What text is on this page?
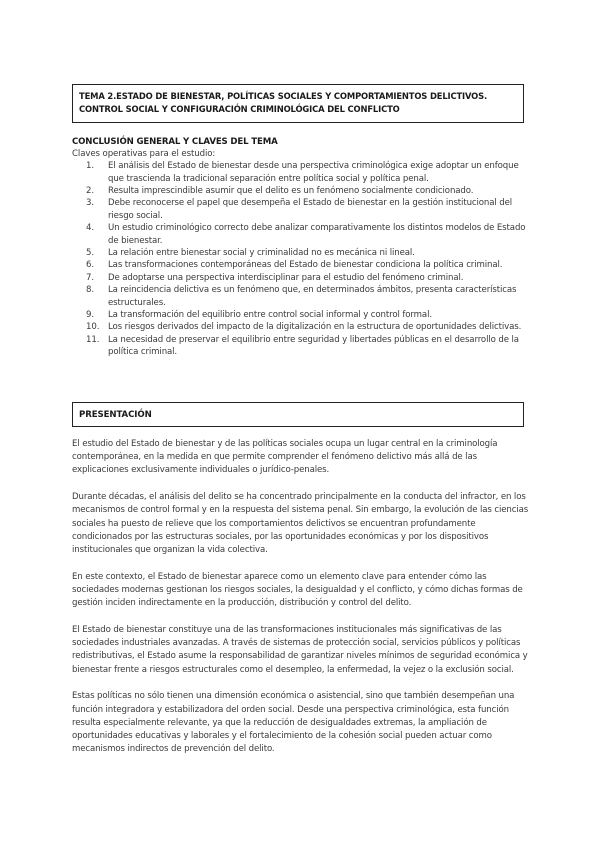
TEMA 2.ESTADO DE BIENESTAR, POLÍTICAS SOCIALES Y COMPORTAMIENTOS DELICTIVOS.
CONTROL SOCIAL Y CONFIGURACIÓN CRIMINOLÓGICA DEL CONFLICTO
CONCLUSIÓN GENERAL Y CLAVES DEL TEMA
Claves operativas para el estudio:
1.	El análisis del Estado de bienestar desde una perspectiva criminológica exige adoptar un enfoque que trascienda la tradicional separación entre política social y política penal.
2.	Resulta imprescindible asumir que el delito es un fenómeno socialmente condicionado.
3.	Debe reconocerse el papel que desempeña el Estado de bienestar en la gestión institucional del riesgo social.
4.	Un estudio criminológico correcto debe analizar comparativamente los distintos modelos de Estado de bienestar.
5.	La relación entre bienestar social y criminalidad no es mecánica ni lineal.
6.	Las transformaciones contemporáneas del Estado de bienestar condiciona la política criminal.
7.	De adoptarse una perspectiva interdisciplinar para el estudio del fenómeno criminal.
8.	La reincidencia delictiva es un fenómeno que, en determinados ámbitos, presenta características estructurales.
9.	La transformación del equilibrio entre control social informal y control formal.
10.	Los riesgos derivados del impacto de la digitalización en la estructura de oportunidades delictivas.
11.	La necesidad de preservar el equilibrio entre seguridad y libertades públicas en el desarrollo de la política criminal.
PRESENTACIÓN

El estudio del Estado de bienestar y de las políticas sociales ocupa un lugar central en la criminología contemporánea, en la medida en que permite comprender el fenómeno delictivo más allá de las explicaciones exclusivamente individuales o jurídico-penales.

Durante décadas, el análisis del delito se ha concentrado principalmente en la conducta del infractor, en los mecanismos de control formal y en la respuesta del sistema penal. Sin embargo, la evolución de las ciencias sociales ha puesto de relieve que los comportamientos delictivos se encuentran profundamente condicionados por las estructuras sociales, por las oportunidades económicas y por los dispositivos institucionales que organizan la vida colectiva.

En este contexto, el Estado de bienestar aparece como un elemento clave para entender cómo las sociedades modernas gestionan los riesgos sociales, la desigualdad y el conflicto, y cómo dichas formas de gestión inciden indirectamente en la producción, distribución y control del delito.

El Estado de bienestar constituye una de las transformaciones institucionales más significativas de las sociedades industriales avanzadas. A través de sistemas de protección social, servicios públicos y políticas redistributivas, el Estado asume la responsabilidad de garantizar niveles mínimos de seguridad económica y bienestar frente a riesgos estructurales como el desempleo, la enfermedad, la vejez o la exclusión social.

Estas políticas no sólo tienen una dimensión económica o asistencial, sino que también desempeñan una función integradora y estabilizadora del orden social. Desde una perspectiva criminológica, esta función resulta especialmente relevante, ya que la reducción de desigualdades extremas, la ampliación de oportunidades educativas y laborales y el fortalecimiento de la cohesión social pueden actuar como mecanismos indirectos de prevención del delito.
